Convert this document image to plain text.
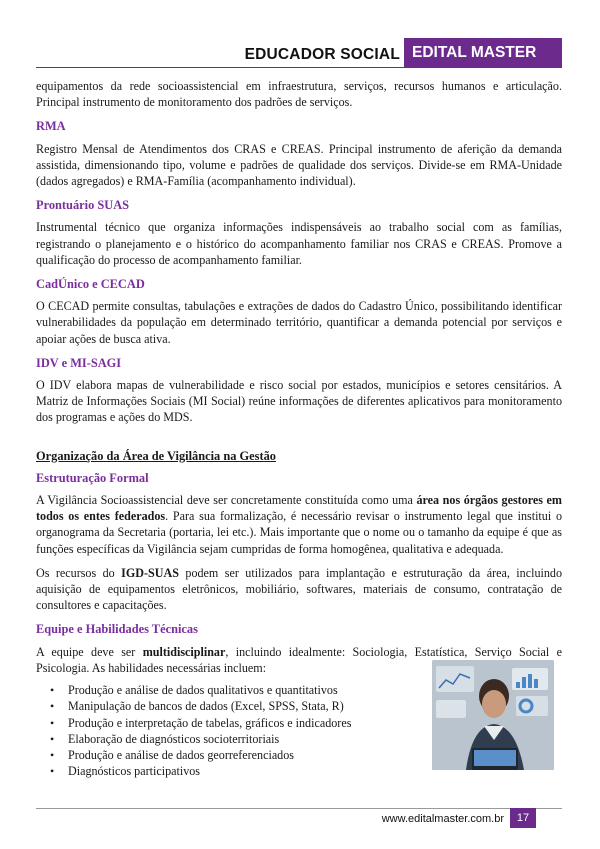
EDUCADOR SOCIAL EDITAL MASTER

equipamentos da rede socioassistencial em infraestrutura, serviços, recursos humanos e articulação. Principal instrumento de monitoramento dos padrões de serviços.

RMA

Registro Mensal de Atendimentos dos CRAS e CREAS. Principal instrumento de aferição da demanda assistida, dimensionando tipo, volume e padrões de qualidade dos serviços. Divide-se em RMA-Unidade (dados agregados) e RMA-Família (acompanhamento individual).

Prontuário SUAS

Instrumental técnico que organiza informações indispensáveis ao trabalho social com as famílias, registrando o planejamento e o histórico do acompanhamento familiar nos CRAS e CREAS. Promove a qualificação do processo de acompanhamento familiar.

CadÚnico e CECAD

O CECAD permite consultas, tabulações e extrações de dados do Cadastro Único, possibilitando identificar vulnerabilidades da população em determinado território, quantificar a demanda potencial por serviços e apoiar ações de busca ativa.

IDV e MI-SAGI

O IDV elabora mapas de vulnerabilidade e risco social por estados, municípios e setores censitários. A Matriz de Informações Sociais (MI Social) reúne informações de diferentes aplicativos para monitoramento dos programas e ações do MDS.

Organização da Área de Vigilância na Gestão
Estruturação Formal

A Vigilância Socioassistencial deve ser concretamente constituída como uma área nos órgãos gestores em todos os entes federados. Para sua formalização, é necessário revisar o instrumento legal que institui o organograma da Secretaria (portaria, lei etc.). Mais importante que o nome ou o tamanho da equipe é que as funções específicas da Vigilância sejam cumpridas de forma homogênea, qualitativa e adequada.

Os recursos do IGD-SUAS podem ser utilizados para implantação e estruturação da área, incluindo aquisição de equipamentos eletrônicos, mobiliário, softwares, materiais de consumo, contratação de consultores e capacitações.

Equipe e Habilidades Técnicas

A equipe deve ser multidisciplinar, incluindo idealmente: Sociologia, Estatística, Serviço Social e Psicologia. As habilidades necessárias incluem:

• Produção e análise de dados qualitativos e quantitativos
• Manipulação de bancos de dados (Excel, SPSS, Stata, R)
• Produção e interpretação de tabelas, gráficos e indicadores
• Elaboração de diagnósticos socioterritoriais
• Produção e análise de dados georreferenciados
• Diagnósticos participativos
www.editalmaster.com.br	17
